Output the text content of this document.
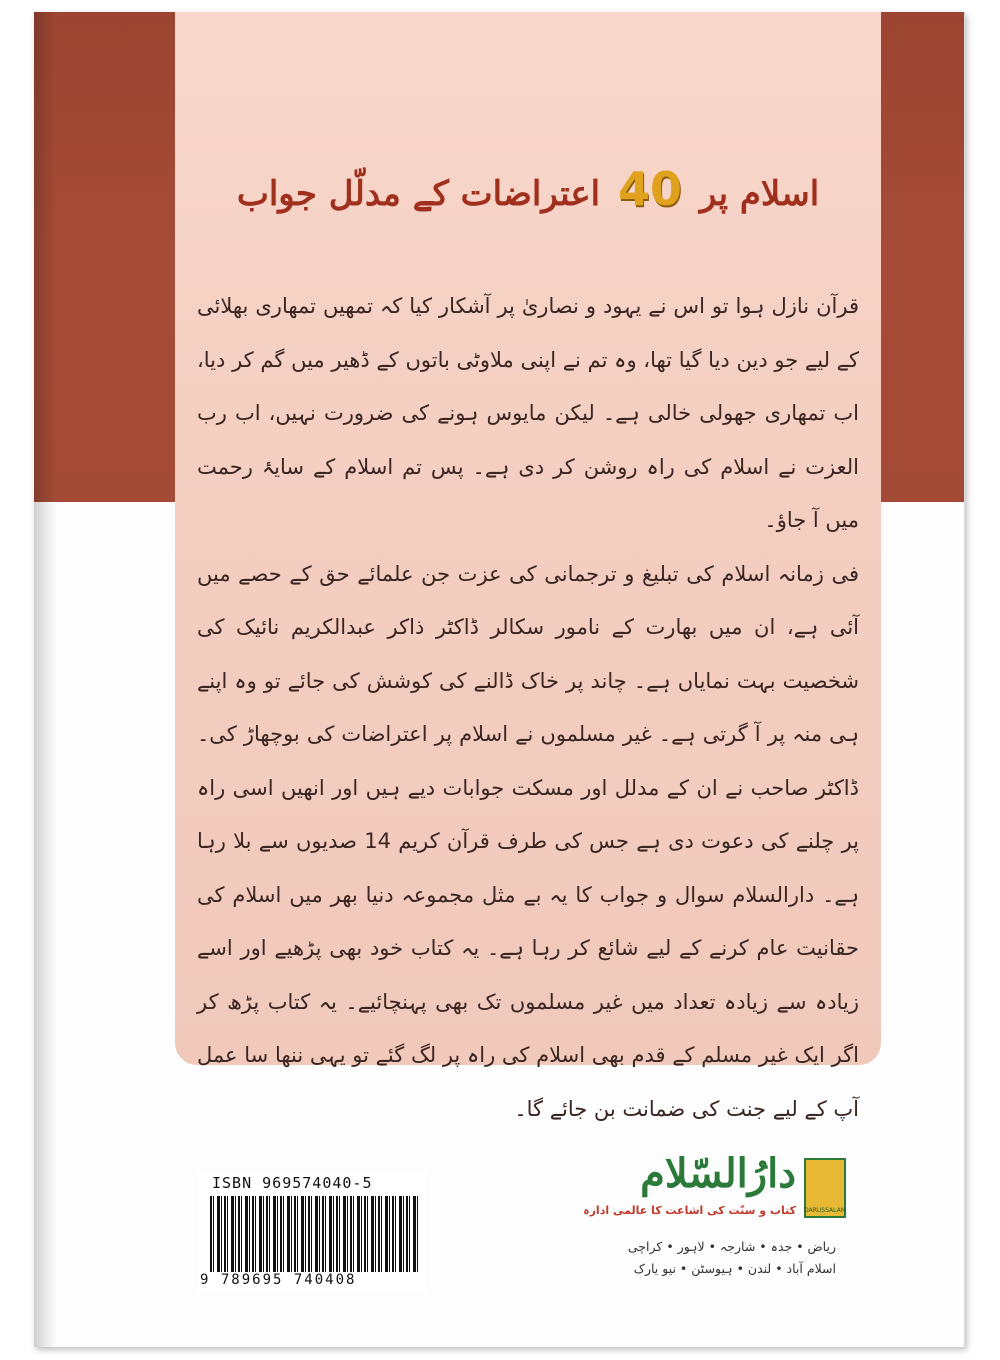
اسلام پر 40 اعتراضات کے مدلّل جواب

قرآن نازل ہوا تو اس نے یہود و نصاریٰ پر آشکار کیا کہ تمھیں تمھاری بھلائی کے لیے جو دین دیا گیا تھا، وہ تم نے اپنی ملاوٹی باتوں کے ڈھیر میں گم کر دیا، اب تمھاری جھولی خالی ہے۔ لیکن مایوس ہونے کی ضرورت نہیں، اب رب العزت نے اسلام کی راہ روشن کر دی ہے۔ پس تم اسلام کے سایۂ رحمت میں آ جاؤ۔

فی زمانہ اسلام کی تبلیغ و ترجمانی کی عزت جن علمائے حق کے حصے میں آئی ہے، ان میں بھارت کے نامور سکالر ڈاکٹر ذاکر عبدالکریم نائیک کی شخصیت بہت نمایاں ہے۔ چاند پر خاک ڈالنے کی کوشش کی جائے تو وہ اپنے ہی منہ پر آ گرتی ہے۔ غیر مسلموں نے اسلام پر اعتراضات کی بوچھاڑ کی۔ ڈاکٹر صاحب نے ان کے مدلل اور مسکت جوابات دیے ہیں اور انھیں اسی راہ پر چلنے کی دعوت دی ہے جس کی طرف قرآن کریم 14 صدیوں سے بلا رہا ہے۔ دارالسلام سوال و جواب کا یہ بے مثل مجموعہ دنیا بھر میں اسلام کی حقانیت عام کرنے کے لیے شائع کر رہا ہے۔ یہ کتاب خود بھی پڑھیے اور اسے زیادہ سے زیادہ تعداد میں غیر مسلموں تک بھی پہنچائیے۔ یہ کتاب پڑھ کر اگر ایک غیر مسلم کے قدم بھی اسلام کی راہ پر لگ گئے تو یہی ننھا سا عمل آپ کے لیے جنت کی ضمانت بن جائے گا۔

ISBN 969574040-5
9 789695 740408
DARUSSALAM
دارُالسّلام
کتاب و سنّت کی اشاعت کا عالمی ادارہ
ریاض • جدہ • شارجہ • لاہور • کراچی
اسلام آباد • لندن • ہیوسٹن • نیو یارک
